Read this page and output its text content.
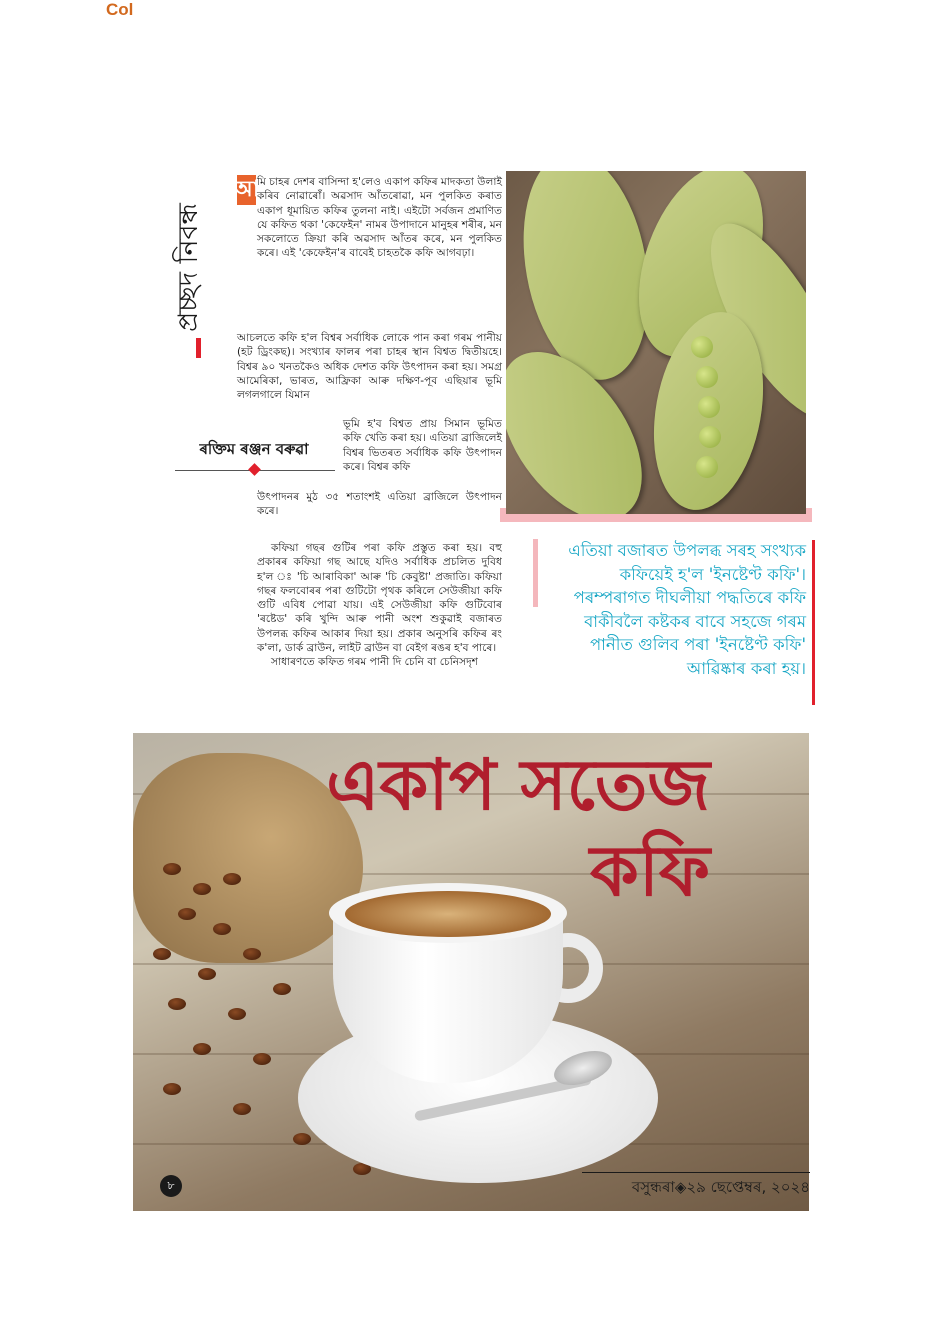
Col
প্ৰচ্ছদ নিবন্ধ
আ
মি চাহৰ দেশৰ বাসিন্দা হ'লেও একাপ কফিৰ মাদকতা উলাই কৰিব নোৱাৰোঁ। অৱসাদ আঁতৰোৱা, মন পুলকিত কৰাত একাপ ধূমায়িত কফিৰ তুলনা নাই। এইটো সৰ্বজন প্ৰমাণিত যে কফিত থকা 'কেফেইন' নামৰ উপাদানে মানুহৰ শৰীৰ, মন সকলোতে ক্ৰিয়া কৰি অৱসাদ আঁতৰ কৰে, মন পুলকিত কৰে। এই 'কেফেইন'ৰ বাবেই চাহতকৈ কফি আগবঢ়া।
আচলতে কফি হ'ল বিশ্বৰ সৰ্বাধিক লোকে পান কৰা গৰম পানীয় (হট ড্ৰিংকছ)। সংখ্যাৰ ফালৰ পৰা চাহৰ স্থান বিশ্বত দ্বিতীয়হে। বিশ্বৰ ৯০ খনতকৈও অধিক দেশত কফি উৎপাদন কৰা হয়। সমগ্ৰ আমেৰিকা, ভাৰত, আফ্ৰিকা আৰু দক্ষিণ-পূব এছিয়াৰ ভূমি লগলগালে যিমান
ভূমি হ'ব বিশ্বত প্ৰায় সিমান ভূমিত কফি খেতি কৰা হয়। এতিয়া ব্ৰাজিলেই বিশ্বৰ ভিতৰত সৰ্বাধিক কফি উৎপাদন কৰে। বিশ্বৰ কফি
উৎপাদনৰ মুঠ ৩৫ শতাংশই এতিয়া ব্ৰাজিলে উৎপাদন কৰে।

কফিয়া গছৰ গুটিৰ পৰা কফি প্ৰস্তুত কৰা হয়। বহু প্ৰকাৰৰ কফিয়া গছ আছে যদিও সৰ্বাধিক প্ৰচলিত দুবিধ হ'ল ঃ 'চি আৰাবিকা' আৰু 'চি কেবুষ্টা' প্ৰজাতি। কফিয়া গছৰ ফলবোৰৰ পৰা গুটিটো পৃথক কৰিলে সেউজীয়া কফি গুটি এবিধ পোৱা যায়। এই সেউজীয়া কফি গুটিবোৰ 'ৰষ্টেড' কৰি খুন্দি আৰু পানী অংশ শুকুৱাই বজাৰত উপলব্ধ কফিৰ আকাৰ দিয়া হয়। প্ৰকাৰ অনুসৰি কফিৰ ৰং ক'লা, ডাৰ্ক ব্ৰাউন, লাইট ব্ৰাউন বা বেইগ ৰঙৰ হ'ব পাৰে।

সাধাৰণতে কফিত গৰম পানী দি চেনি বা চেনিসদৃশ

ৰক্তিম ৰঞ্জন বৰুৱা
এতিয়া বজাৰত উপলব্ধ সৰহ সংখ্যক কফিয়েই হ'ল 'ইনষ্টেণ্ট কফি'। পৰম্পৰাগত দীঘলীয়া পদ্ধতিৰে কফি বাকীবলৈ কষ্টকৰ বাবে সহজে গৰম পানীত গুলিব পৰা 'ইনষ্টেণ্ট কফি' আৱিষ্কাৰ কৰা হয়।
একাপ সতেজ
কফি
৮	বসুন্ধৰা◈২৯ ছেপ্তেম্বৰ, ২০২৪
